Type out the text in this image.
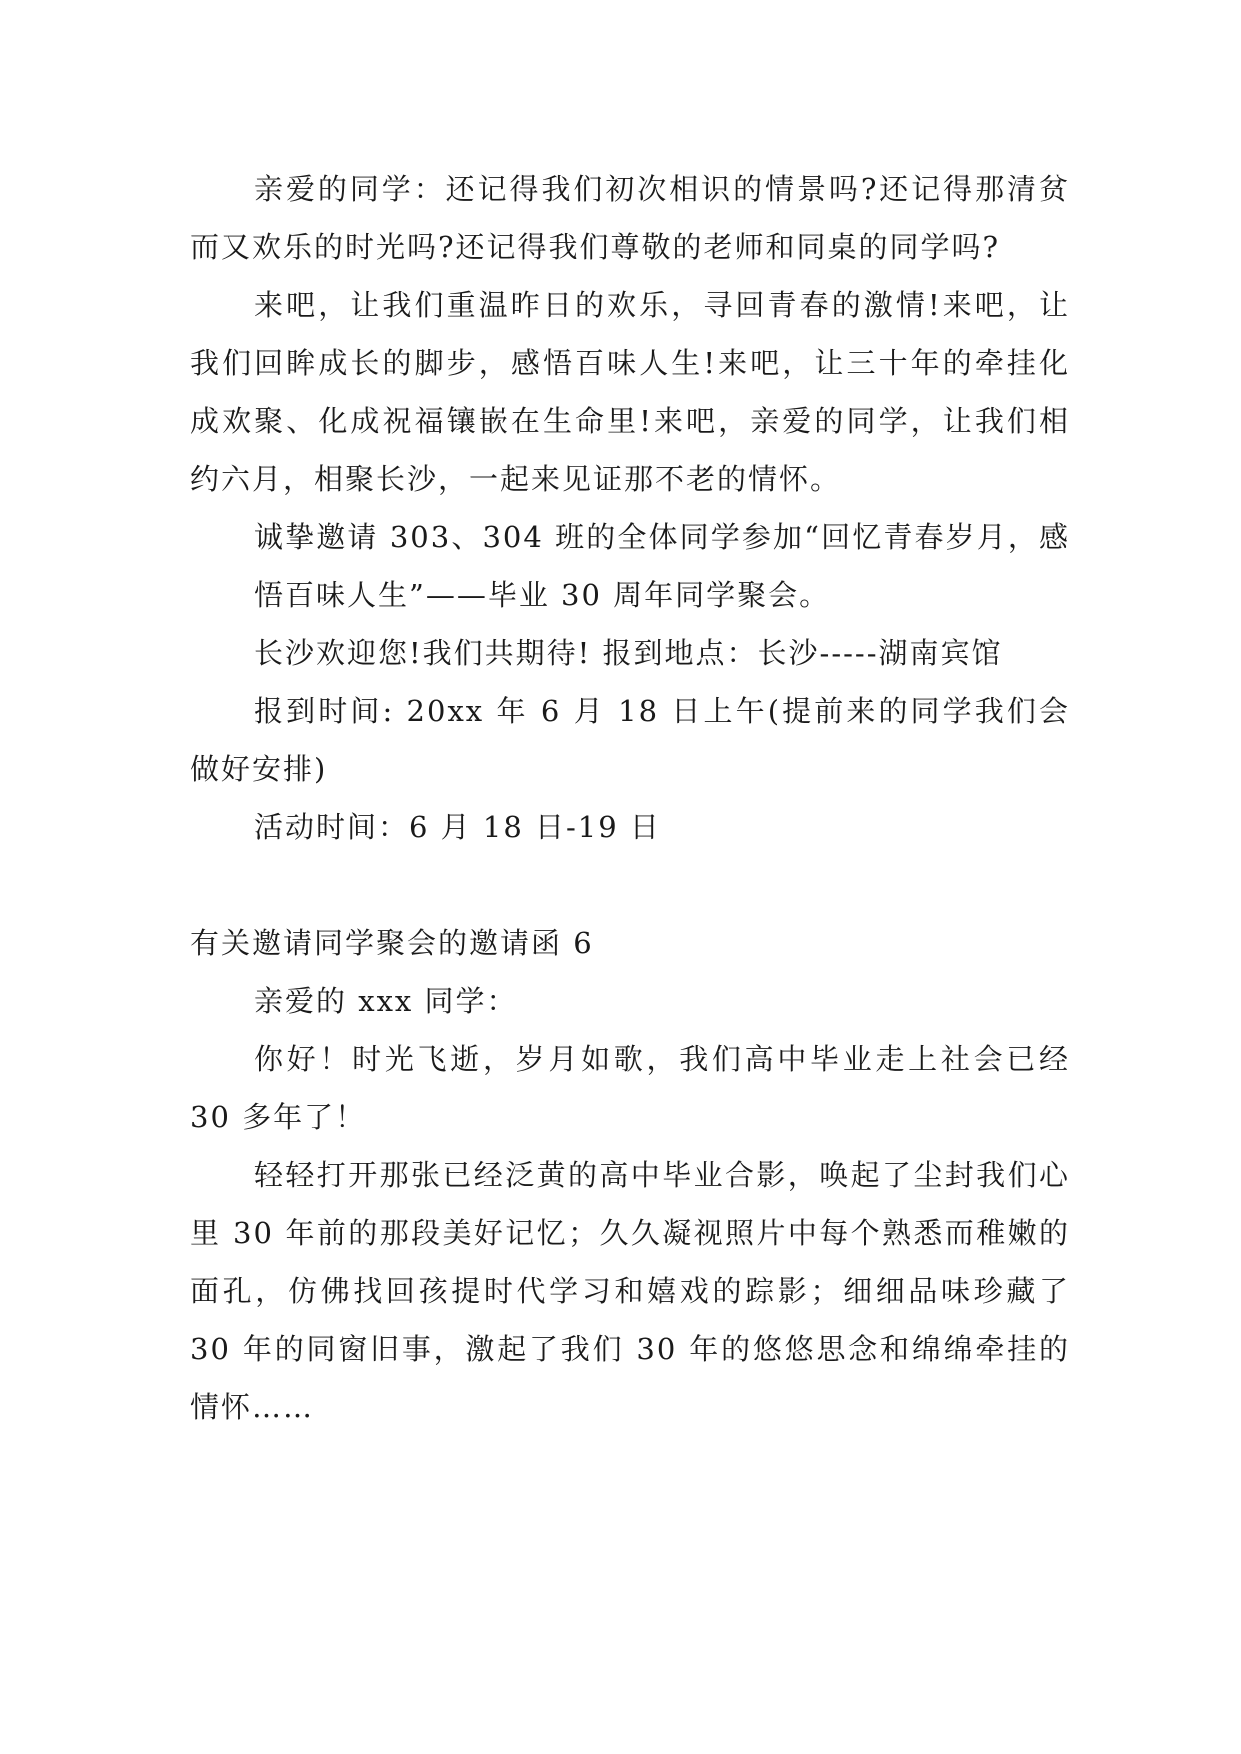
亲爱的同学：还记得我们初次相识的情景吗?还记得那清贫而又欢乐的时光吗?还记得我们尊敬的老师和同桌的同学吗?

来吧，让我们重温昨日的欢乐，寻回青春的激情!来吧，让我们回眸成长的脚步，感悟百味人生!来吧，让三十年的牵挂化成欢聚、化成祝福镶嵌在生命里!来吧，亲爱的同学，让我们相约六月，相聚长沙，一起来见证那不老的情怀。

诚挚邀请 303、304 班的全体同学参加“回忆青春岁月，感悟百味人生”——毕业 30 周年同学聚会。

长沙欢迎您!我们共期待! 报到地点：长沙-----湖南宾馆

报到时间: 20xx 年 6 月 18 日上午(提前来的同学我们会做好安排)

活动时间：6 月 18 日-19 日

有关邀请同学聚会的邀请函 6

亲爱的 xxx 同学：

你好！时光飞逝，岁月如歌，我们高中毕业走上社会已经 30 多年了！

轻轻打开那张已经泛黄的高中毕业合影，唤起了尘封我们心里 30 年前的那段美好记忆；久久凝视照片中每个熟悉而稚嫩的面孔，仿佛找回孩提时代学习和嬉戏的踪影；细细品味珍藏了 30 年的同窗旧事，激起了我们 30 年的悠悠思念和绵绵牵挂的情怀……
